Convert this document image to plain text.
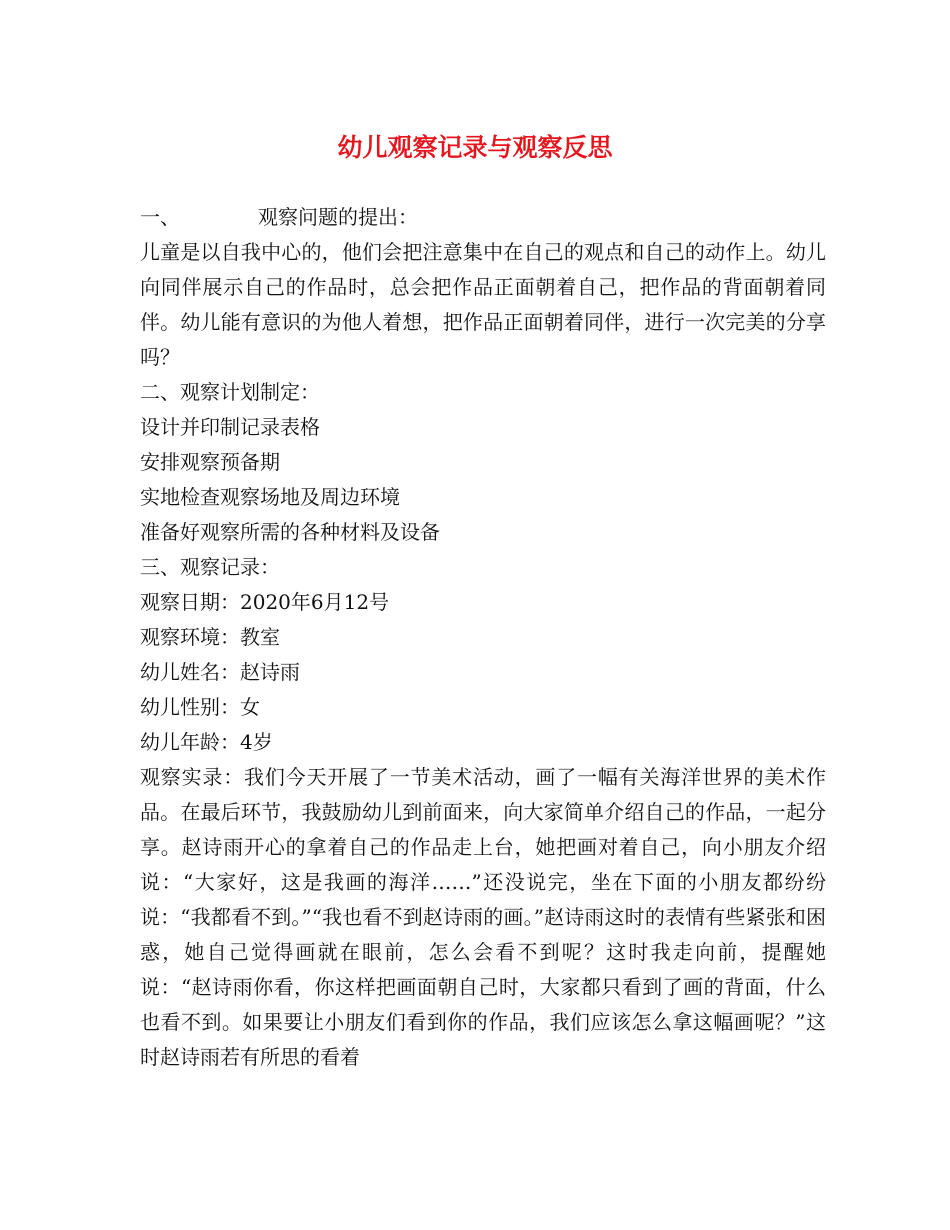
幼儿观察记录与观察反思
一、	观察问题的提出：

儿童是以自我中心的，他们会把注意集中在自己的观点和自己的动作上。幼儿向同伴展示自己的作品时，总会把作品正面朝着自己，把作品的背面朝着同伴。幼儿能有意识的为他人着想，把作品正面朝着同伴，进行一次完美的分享吗？

二、观察计划制定：

设计并印制记录表格

安排观察预备期

实地检查观察场地及周边环境

准备好观察所需的各种材料及设备

三、观察记录：

观察日期：2020年6月12号

观察环境：教室

幼儿姓名：赵诗雨

幼儿性别：女

幼儿年龄：4岁

观察实录：我们今天开展了一节美术活动，画了一幅有关海洋世界的美术作品。在最后环节，我鼓励幼儿到前面来，向大家简单介绍自己的作品，一起分享。赵诗雨开心的拿着自己的作品走上台，她把画对着自己，向小朋友介绍说：“大家好，这是我画的海洋……”还没说完，坐在下面的小朋友都纷纷说：“我都看不到。”“我也看不到赵诗雨的画。”赵诗雨这时的表情有些紧张和困惑，她自己觉得画就在眼前，怎么会看不到呢？这时我走向前，提醒她说：“赵诗雨你看，你这样把画面朝自己时，大家都只看到了画的背面，什么也看不到。如果要让小朋友们看到你的作品，我们应该怎么拿这幅画呢？”这时赵诗雨若有所思的看着
